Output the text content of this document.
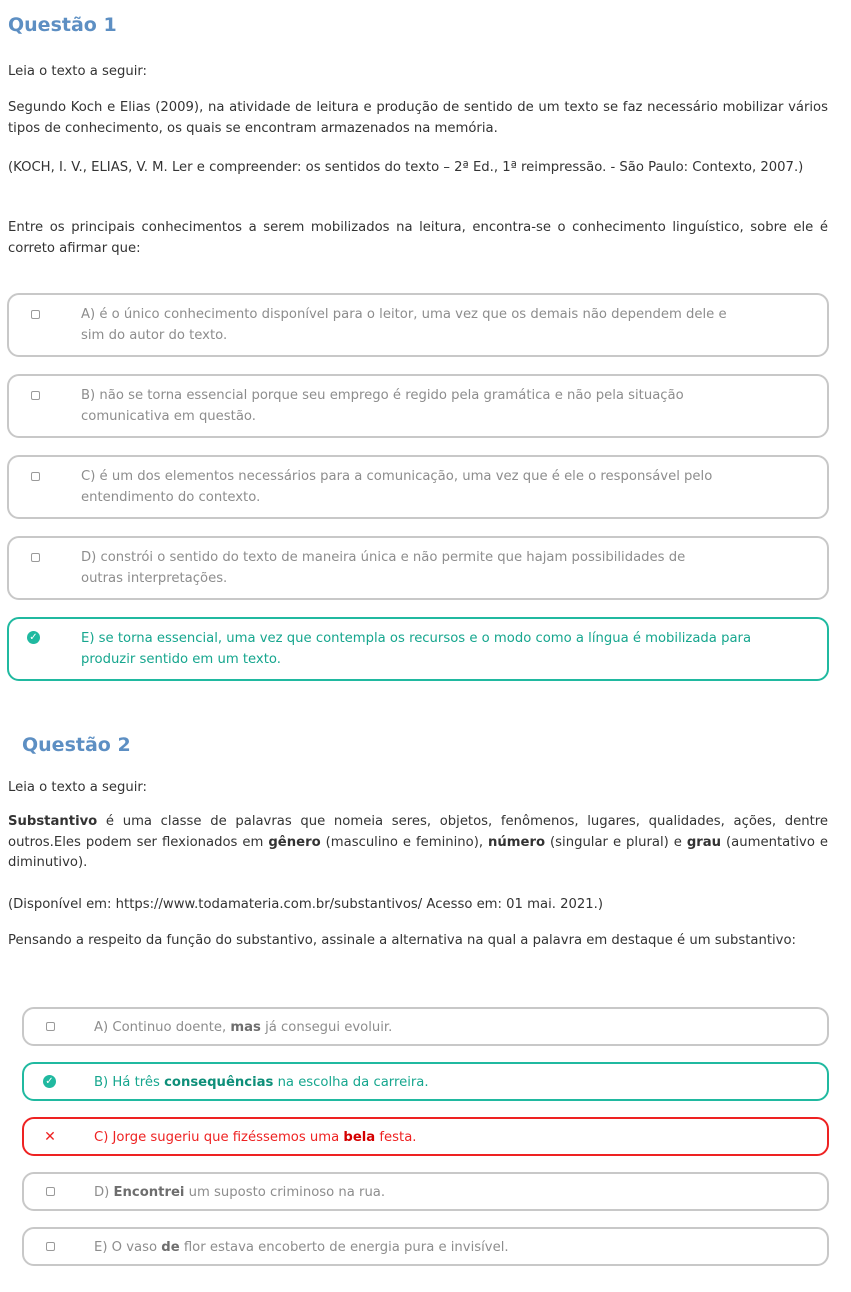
Questão 1

Leia o texto a seguir:

Segundo Koch e Elias (2009), na atividade de leitura e produção de sentido de um texto se faz necessário mobilizar vários tipos de conhecimento, os quais se encontram armazenados na memória.

(KOCH, I. V., ELIAS, V. M. Ler e compreender: os sentidos do texto – 2ª Ed., 1ª reimpressão. - São Paulo: Contexto, 2007.)

Entre os principais conhecimentos a serem mobilizados na leitura, encontra-se o conhecimento linguístico, sobre ele é correto afirmar que:

A) é o único conhecimento disponível para o leitor, uma vez que os demais não dependem dele e sim do autor do texto.
B) não se torna essencial porque seu emprego é regido pela gramática e não pela situação comunicativa em questão.
C) é um dos elementos necessários para a comunicação, uma vez que é ele o responsável pelo entendimento do contexto.
D) constrói o sentido do texto de maneira única e não permite que hajam possibilidades de outras interpretações.
✓	E) se torna essencial, uma vez que contempla os recursos e o modo como a língua é mobilizada para produzir sentido em um texto.
Questão 2

Leia o texto a seguir:

Substantivo é uma classe de palavras que nomeia seres, objetos, fenômenos, lugares, qualidades, ações, dentre outros.Eles podem ser flexionados em gênero (masculino e feminino), número (singular e plural) e grau (aumentativo e diminutivo).

(Disponível em: https://www.todamateria.com.br/substantivos/ Acesso em: 01 mai. 2021.)

Pensando a respeito da função do substantivo, assinale a alternativa na qual a palavra em destaque é um substantivo:

A) Continuo doente, mas já consegui evoluir.
✓	B) Há três consequências na escolha da carreira.
✕	C) Jorge sugeriu que fizéssemos uma bela festa.
D) Encontrei um suposto criminoso na rua.
E) O vaso de flor estava encoberto de energia pura e invisível.
